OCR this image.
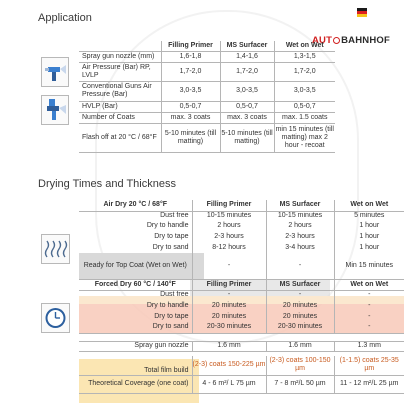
Application
AUT BAHNHOF
	Filling Primer	MS Surfacer	Wet on Wet
Spray gun nozzle (mm)	1,6-1,8	1,4-1,6	1,3-1,5
Air Pressure (Bar) RP, LVLP	1,7-2,0	1,7-2,0	1,7-2,0
Conventional Guns Air Pressure (Bar)	3,0-3,5	3,0-3,5	3,0-3,5
HVLP (Bar)	0,5-0,7	0,5-0,7	0,5-0,7
Number of Coats	max. 3 coats	max. 3 coats	max. 1.5 coats
Flash off at 20 °C / 68°F	5-10 minutes (till matting)	5-10 minutes (till matting)	min 15 minutes (till matting) max 2 hour - recoat
Drying Times and Thickness
Air Dry 20 °C / 68°F	Filling Primer	MS Surfacer	Wet on Wet
Dust free	10-15 minutes	10-15 minutes	5 minutes
Dry to handle	2 hours	2 hours	1 hour
Dry to tape	2-3 hours	2-3 hours	1 hour
Dry to sand	8-12 hours	3-4 hours	1 hour
Ready for Top Coat (Wet on Wet)	-	-	Min 15 minutes
Forced Dry 60 °C / 140°F	Filling Primer	MS Surfacer	Wet on Wet
Dust free	-	-	-
Dry to handle	20 minutes	20 minutes	-
Dry to tape	20 minutes	20 minutes	-
Dry to sand	20-30 minutes	20-30 minutes	-

Spray gun nozzle	1.6 mm	1.6 mm	1.3 mm

Total film build	(2-3) coats 150-225 µm	(2-3) coats 100-150 µm	(1-1.5) coats 25-35 µm
Theoretical Coverage (one coat)	4 - 6 m²/ L 75 µm	7 - 8 m²/L 50 µm	11 - 12 m²/L 25 µm
